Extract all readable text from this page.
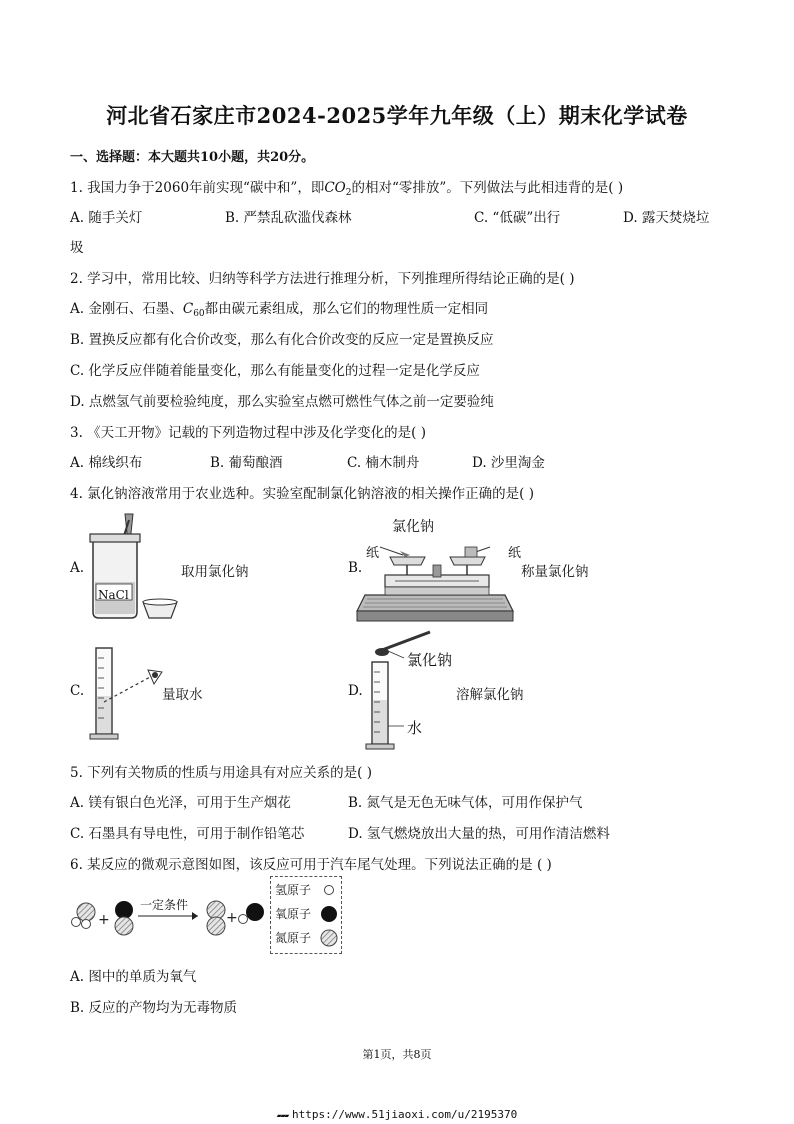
河北省石家庄市2024-2025学年九年级（上）期末化学试卷
一、选择题：本大题共10小题，共20分。
1. 我国力争于2060年前实现“碳中和”，即$CO_2$的相对“零排放”。下列做法与此相违背的是( )
A. 随手关灯	B. 严禁乱砍滥伐森林	C. “低碳”出行	D. 露天焚烧垃
圾
2. 学习中，常用比较、归纳等科学方法进行推理分析，下列推理所得结论正确的是( )
A. 金刚石、石墨、$C_{60}$都由碳元素组成，那么它们的物理性质一定相同
B. 置换反应都有化合价改变，那么有化合价改变的反应一定是置换反应
C. 化学反应伴随着能量变化，那么有能量变化的过程一定是化学反应
D. 点燃氢气前要检验纯度，那么实验室点燃可燃性气体之前一定要验纯
3. 《天工开物》记载的下列造物过程中涉及化学变化的是( )
A. 棉线织布	B. 葡萄酿酒	C. 楠木制舟	D. 沙里淘金
4. 氯化钠溶液常用于农业选种。实验室配制氯化钠溶液的相关操作正确的是( )
A.
NaCl
取用氯化钠	B.
氯化钠
纸	纸
称量氯化钠
C.	量取水	D.
氯化钠
水
溶解氯化钠
5. 下列有关物质的性质与用途具有对应关系的是( )
A. 镁有银白色光泽，可用于生产烟花	B. 氮气是无色无味气体，可用作保护气
C. 石墨具有导电性，可用于制作铅笔芯	D. 氢气燃烧放出大量的热，可用作清洁燃料
6. 某反应的微观示意图如图，该反应可用于汽车尾气处理。下列说法正确的是 ( )
+	+
一定条件
氢原子
氧原子
氮原子
A. 图中的单质为氧气
B. 反应的产物均为无毒物质
第1页，共8页
▰▰▰ https://www.51jiaoxi.com/u/2195370
